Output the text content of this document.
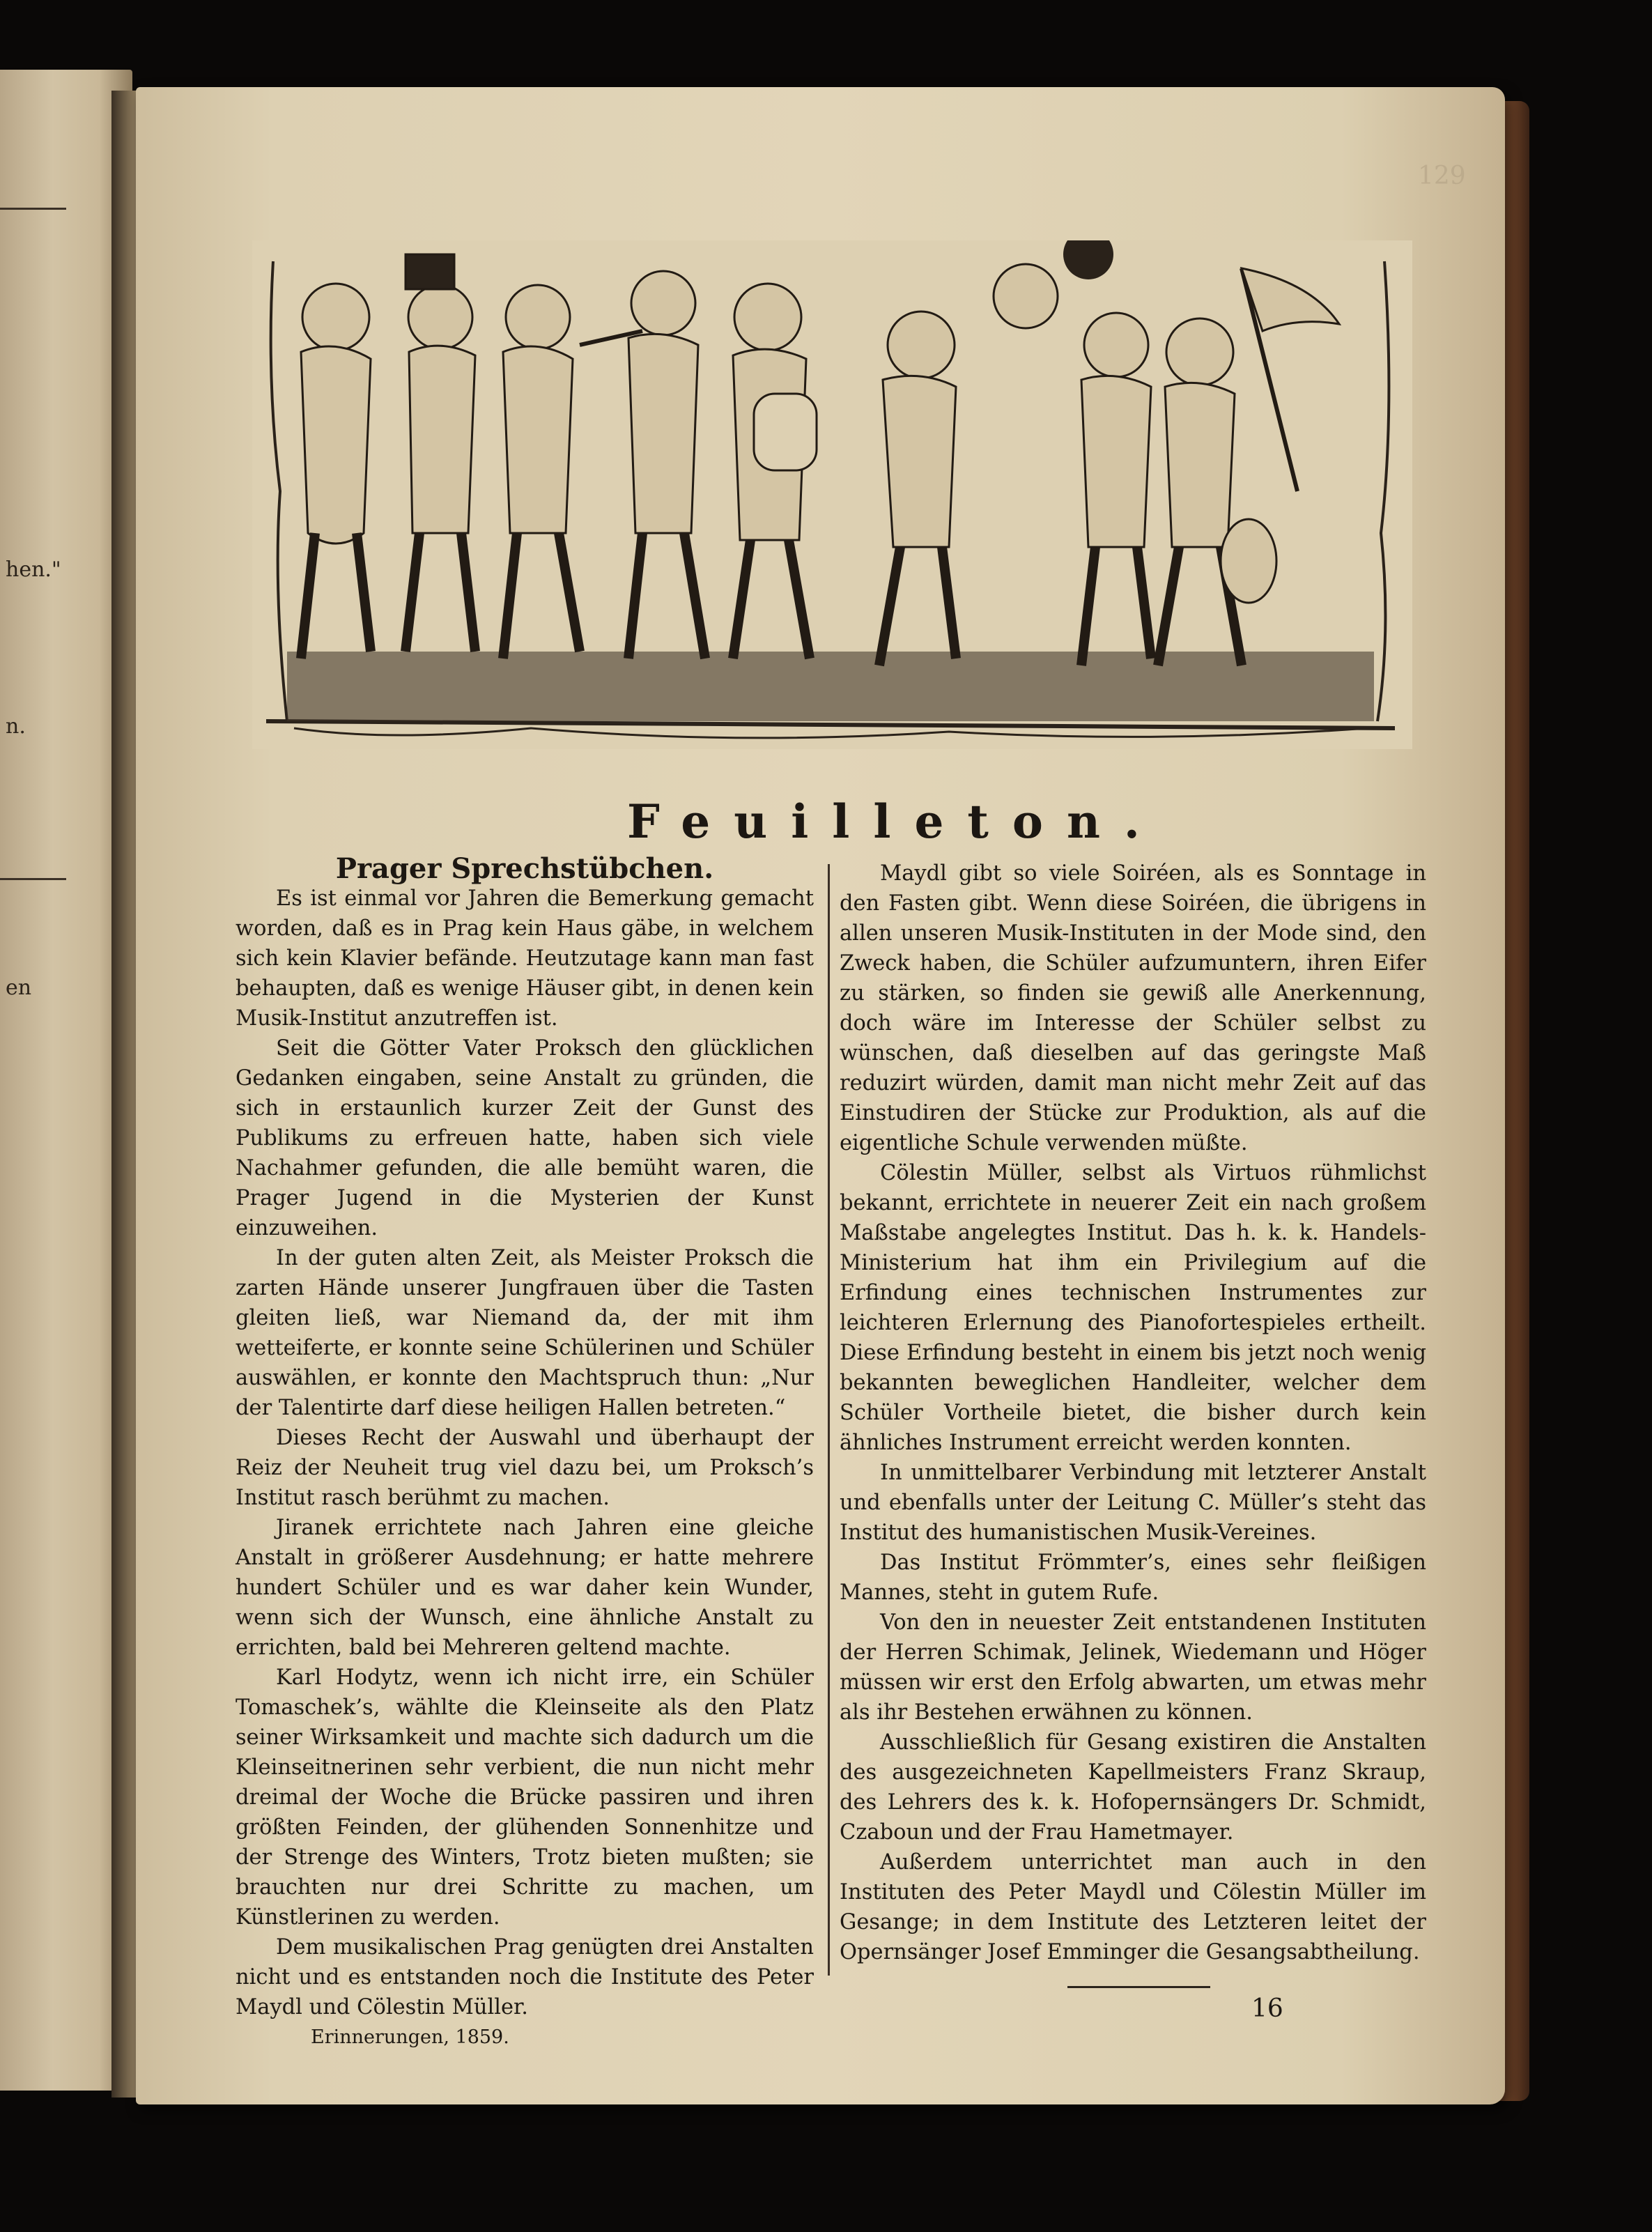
hen."
n.
en
129
Feuilleton.

Prager Sprechstübchen.

Es ist einmal vor Jahren die Bemerkung gemacht worden, daß es in Prag kein Haus gäbe, in welchem sich kein Klavier befände. Heutzutage kann man fast behaupten, daß es wenige Häuser gibt, in denen kein Musik-Institut anzutreffen ist.

Seit die Götter Vater Proksch den glücklichen Gedanken eingaben, seine Anstalt zu gründen, die sich in erstaunlich kurzer Zeit der Gunst des Publikums zu erfreuen hatte, haben sich viele Nachahmer gefunden, die alle bemüht waren, die Prager Jugend in die Mysterien der Kunst einzuweihen.

In der guten alten Zeit, als Meister Proksch die zarten Hände unserer Jungfrauen über die Tasten gleiten ließ, war Niemand da, der mit ihm wetteiferte, er konnte seine Schülerinen und Schüler auswählen, er konnte den Machtspruch thun: „Nur der Talentirte darf diese heiligen Hallen betreten.“

Dieses Recht der Auswahl und überhaupt der Reiz der Neuheit trug viel dazu bei, um Proksch’s Institut rasch berühmt zu machen.

Jiranek errichtete nach Jahren eine gleiche Anstalt in größerer Ausdehnung; er hatte mehrere hundert Schüler und es war daher kein Wunder, wenn sich der Wunsch, eine ähnliche Anstalt zu errichten, bald bei Mehreren geltend machte.

Karl Hodytz, wenn ich nicht irre, ein Schüler Tomaschek’s, wählte die Kleinseite als den Platz seiner Wirksamkeit und machte sich dadurch um die Kleinseitnerinen sehr verbient, die nun nicht mehr dreimal der Woche die Brücke passiren und ihren größten Feinden, der glühenden Sonnenhitze und der Strenge des Winters, Trotz bieten mußten; sie brauchten nur drei Schritte zu machen, um Künstlerinen zu werden.

Dem musikalischen Prag genügten drei Anstalten nicht und es entstanden noch die Institute des Peter Maydl und Cölestin Müller.

Erinnerungen, 1859.

Maydl gibt so viele Soiréen, als es Sonntage in den Fasten gibt. Wenn diese Soiréen, die übrigens in allen unseren Musik-Instituten in der Mode sind, den Zweck haben, die Schüler aufzumuntern, ihren Eifer zu stärken, so finden sie gewiß alle Anerkennung, doch wäre im Interesse der Schüler selbst zu wünschen, daß dieselben auf das geringste Maß reduzirt würden, damit man nicht mehr Zeit auf das Einstudiren der Stücke zur Produktion, als auf die eigentliche Schule verwenden müßte.

Cölestin Müller, selbst als Virtuos rühmlichst bekannt, errichtete in neuerer Zeit ein nach großem Maßstabe angelegtes Institut. Das h. k. k. Handels-Ministerium hat ihm ein Privilegium auf die Erfindung eines technischen Instrumentes zur leichteren Erlernung des Pianofortespieles ertheilt. Diese Erfindung besteht in einem bis jetzt noch wenig bekannten beweglichen Handleiter, welcher dem Schüler Vortheile bietet, die bisher durch kein ähnliches Instrument erreicht werden konnten.

In unmittelbarer Verbindung mit letzterer Anstalt und ebenfalls unter der Leitung C. Müller’s steht das Institut des humanistischen Musik-Vereines.

Das Institut Frömmter’s, eines sehr fleißigen Mannes, steht in gutem Rufe.

Von den in neuester Zeit entstandenen Instituten der Herren Schimak, Jelinek, Wiedemann und Höger müssen wir erst den Erfolg abwarten, um etwas mehr als ihr Bestehen erwähnen zu können.

Ausschließlich für Gesang existiren die Anstalten des ausgezeichneten Kapellmeisters Franz Skraup, des Lehrers des k. k. Hofopernsängers Dr. Schmidt, Czaboun und der Frau Hametmayer.

Außerdem unterrichtet man auch in den Instituten des Peter Maydl und Cölestin Müller im Gesange; in dem Institute des Letzteren leitet der Opernsänger Josef Emminger die Gesangsabtheilung.

16
